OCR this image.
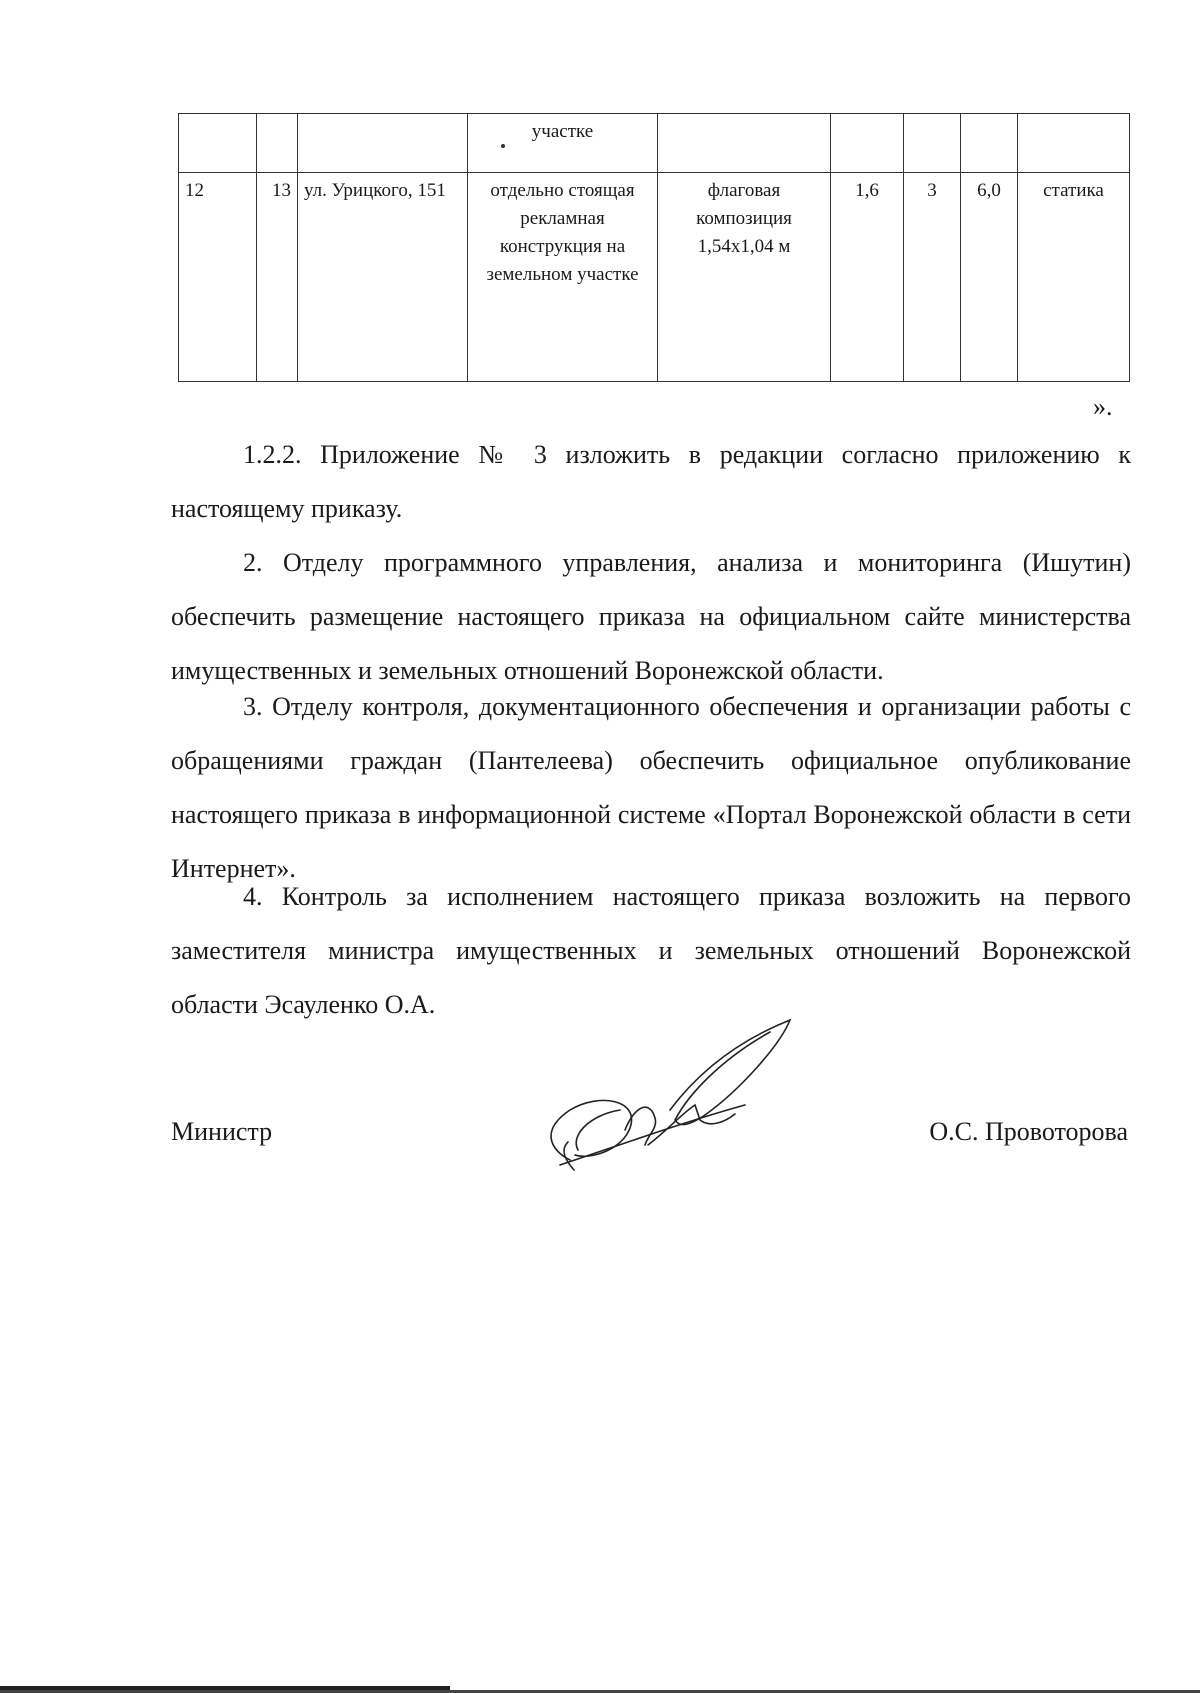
			участке

12	13	ул. Урицкого, 151	отдельно стоящая рекламная конструкция на земельном участке	флаговая композиция 1,54х1,04 м	1,6	3	6,0	статика
».

1.2.2. Приложение № 3 изложить в редакции согласно приложению к настоящему приказу.

2. Отделу программного управления, анализа и мониторинга (Ишутин) обеспечить размещение настоящего приказа на официальном сайте министерства имущественных и земельных отношений Воронежской области.

3. Отделу контроля, документационного обеспечения и организации работы с обращениями граждан (Пантелеева) обеспечить официальное опубликование настоящего приказа в информационной системе «Портал Воронежской области в сети Интернет».

4. Контроль за исполнением настоящего приказа возложить на первого заместителя министра имущественных и земельных отношений Воронежской области Эсауленко О.А.

Министр	О.С. Провоторова
